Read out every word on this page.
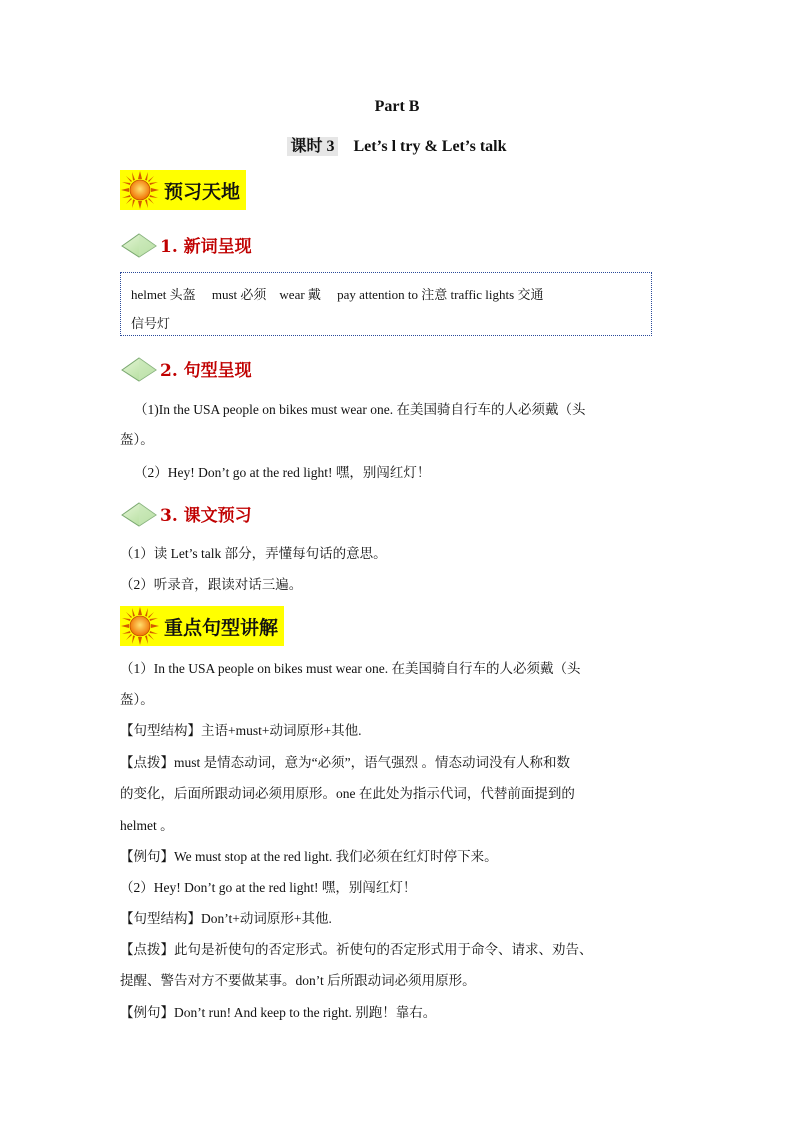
Part B
课时 3 Let’s l try & Let’s talk
预习天地
1. 新词呈现
helmet 头盔　 must 必须　wear 戴　 pay attention to 注意 traffic lights 交通
信号灯
2. 句型呈现
（1)In the USA people on bikes must wear one. 在美国骑自行车的人必须戴（头
盔）。
（2）Hey! Don’t go at the red light! 嘿，别闯红灯！
3. 课文预习
（1）读 Let’s talk 部分，弄懂每句话的意思。
（2）听录音，跟读对话三遍。
重点句型讲解
（1）In the USA people on bikes must wear one. 在美国骑自行车的人必须戴（头
盔）。
【句型结构】主语+must+动词原形+其他.
【点拨】must 是情态动词，意为“必须”，语气强烈 。情态动词没有人称和数
的变化，后面所跟动词必须用原形。one 在此处为指示代词，代替前面提到的
helmet 。
【例句】We must stop at the red light. 我们必须在红灯时停下来。
（2）Hey! Don’t go at the red light! 嘿，别闯红灯！
【句型结构】Don’t+动词原形+其他.
【点拨】此句是祈使句的否定形式。祈使句的否定形式用于命令、请求、劝告、
提醒、警告对方不要做某事。don’t 后所跟动词必须用原形。
【例句】Don’t run! And keep to the right. 别跑！靠右。
